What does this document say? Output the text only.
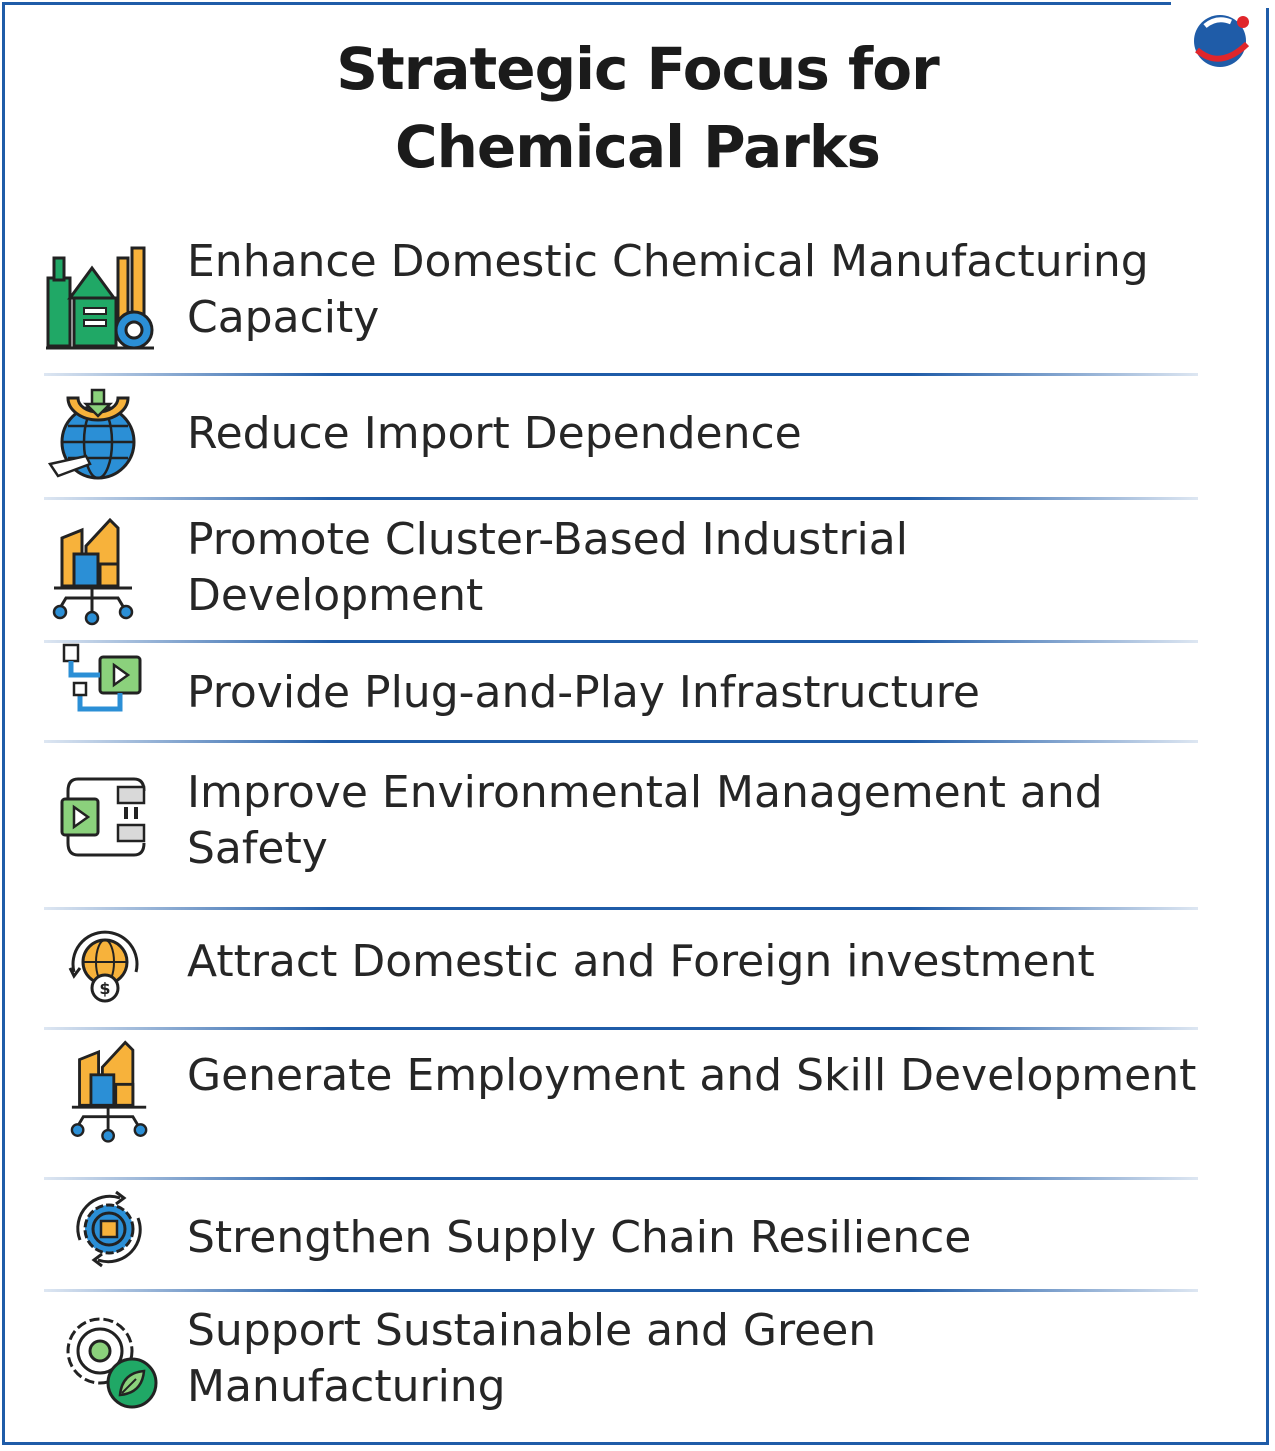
Strategic Focus for
Chemical Parks
Enhance Domestic Chemical Manufacturing Capacity
Reduce Import Dependence
Promote Cluster-Based Industrial Development
Provide Plug-and-Play Infrastructure
Improve Environmental Management and Safety
$
Attract Domestic and Foreign investment
Generate Employment and Skill Development
Strengthen Supply Chain Resilience
Support Sustainable and Green Manufacturing
